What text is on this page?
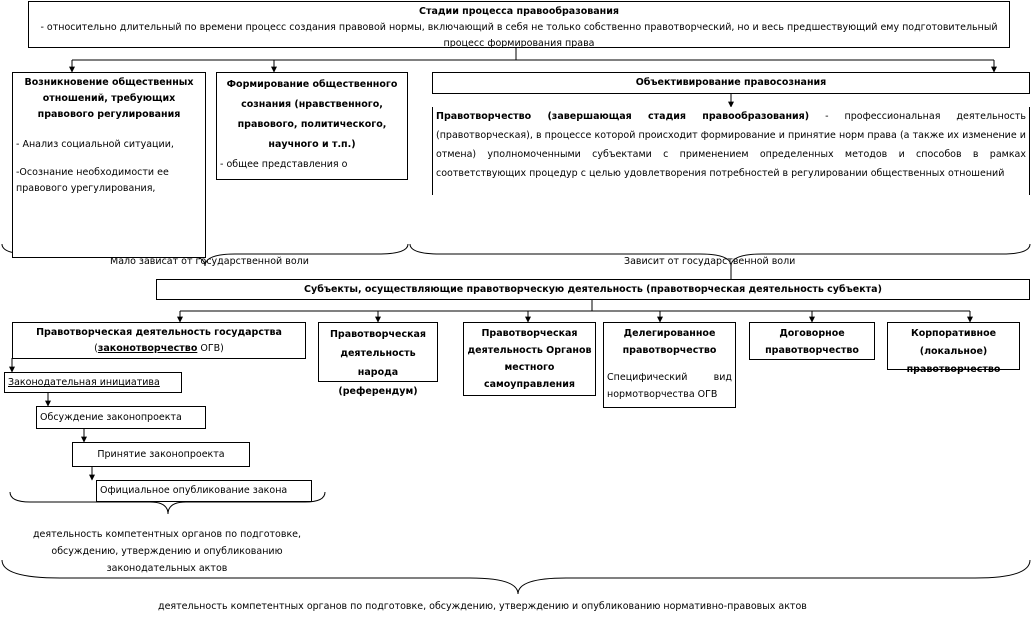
Стадии процесса правообразования
- относительно длительный по времени процесс создания правовой нормы, включающий в себя не только собственно правотворческий, но и весь предшествующий ему подготовительный процесс формирования права
Возникновение общественных отношений, требующих правового регулирования
- Анализ социальной ситуации,
-Осознание необходимости ее правового урегулирования,
Формирование общественного сознания (нравственного, правового, политического, научного и т.п.)
- общее представления о
Объективирование правосознания
Правотворчество (завершающая стадия правообразования) - профессиональная деятельность (правотворческая), в процессе которой происходит формирование и принятие норм права (а также их изменение и отмена) уполномоченными субъектами с применением определенных методов и способов в рамках соответствующих процедур с целью удовлетворения потребностей в регулировании общественных отношений
Мало зависат от государственной воли	Зависит от государственной воли
Субъекты, осуществляющие правотворческую деятельность (правотворческая деятельность субъекта)
Правотворческая деятельность государства
(законотворчество ОГВ)
Правотворческая деятельность народа (референдум)
Правотворческая деятельность Органов местного самоуправления
Делегированное правотворчество
Специфический вид нормотворчества ОГВ
Договорное правотворчество
Корпоративное (локальное) правотворчество
Законодательная инициатива
Обсуждение законопроекта
Принятие законопроекта
Официальное опубликование закона
деятельность компетентных органов по подготовке, обсуждению, утверждению и опубликованию законодательных актов
деятельность компетентных органов по подготовке, обсуждению, утверждению и опубликованию нормативно-правовых актов
